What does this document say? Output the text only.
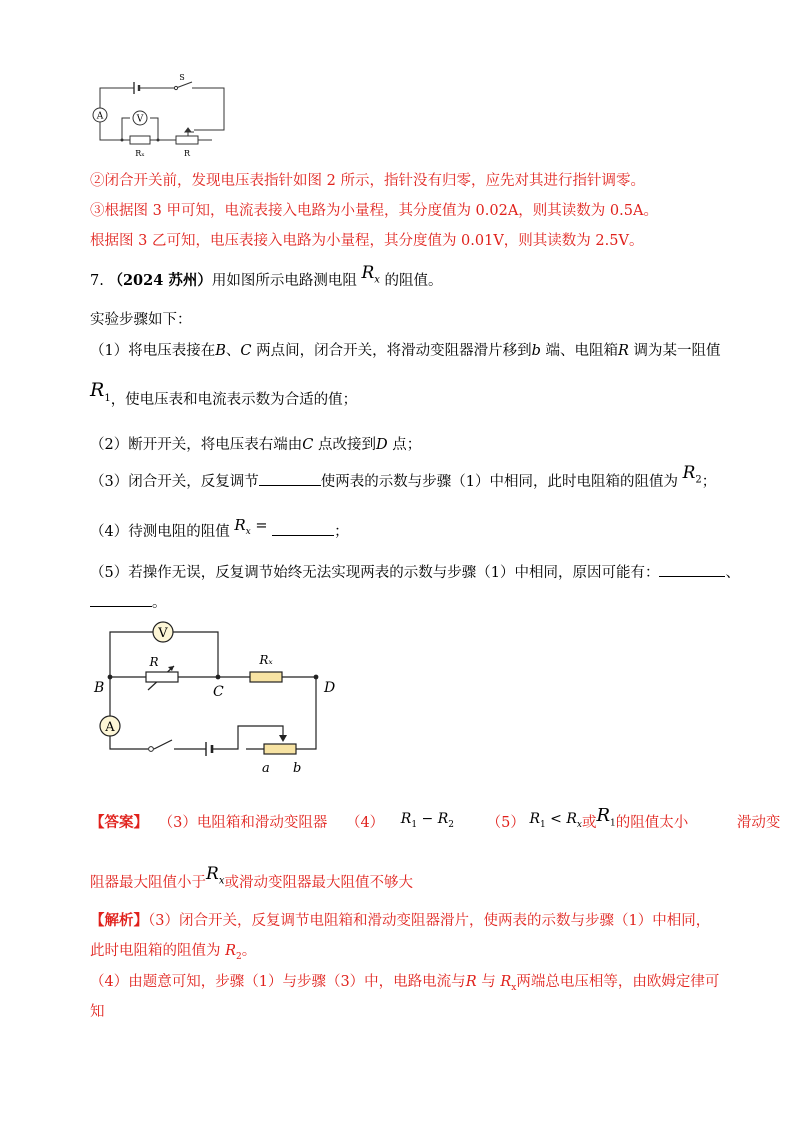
A	V
S
Rₓ	R
②闭合开关前，发现电压表指针如图 2 所示，指针没有归零，应先对其进行指针调零。
③根据图 3 甲可知，电流表接入电路为小量程，其分度值为 0.02A，则其读数为 0.5A。
根据图 3 乙可知，电压表接入电路为小量程，其分度值为 0.01V，则其读数为 2.5V。
7. （2024 苏州）用如图所示电路测电阻 $R_x$ 的阻值。
实验步骤如下：
（1）将电压表接在B、C 两点间，闭合开关，将滑动变阻器滑片移到b 端、电阻箱R 调为某一阻值
$R_1$，使电压表和电流表示数为合适的值；
（2）断开开关，将电压表右端由C 点改接到D 点；
（3）闭合开关，反复调节	使两表的示数与步骤（1）中相同，此时电阻箱的阻值为 $R_2$；
（4）待测电阻的阻值 $R_x$ =	；
（5）若操作无误，反复调节始终无法实现两表的示数与步骤（1）中相同，原因可能有：	、
。
V
A
R	Rₓ
B	C	D
a b
【答案】 （3）电阻箱和滑动变阻器 （4） $R_1 - R_2$ （5） $R_1 < R_x$或$R_1$的阻值太小	滑动变
阻器最大阻值小于$R_x$或滑动变阻器最大阻值不够大
【解析】（3）闭合开关，反复调节电阻箱和滑动变阻器滑片，使两表的示数与步骤（1）中相同，
此时电阻箱的阻值为 $R_2$。
（4）由题意可知，步骤（1）与步骤（3）中，电路电流与R 与 $R_x$两端总电压相等，由欧姆定律可
知
